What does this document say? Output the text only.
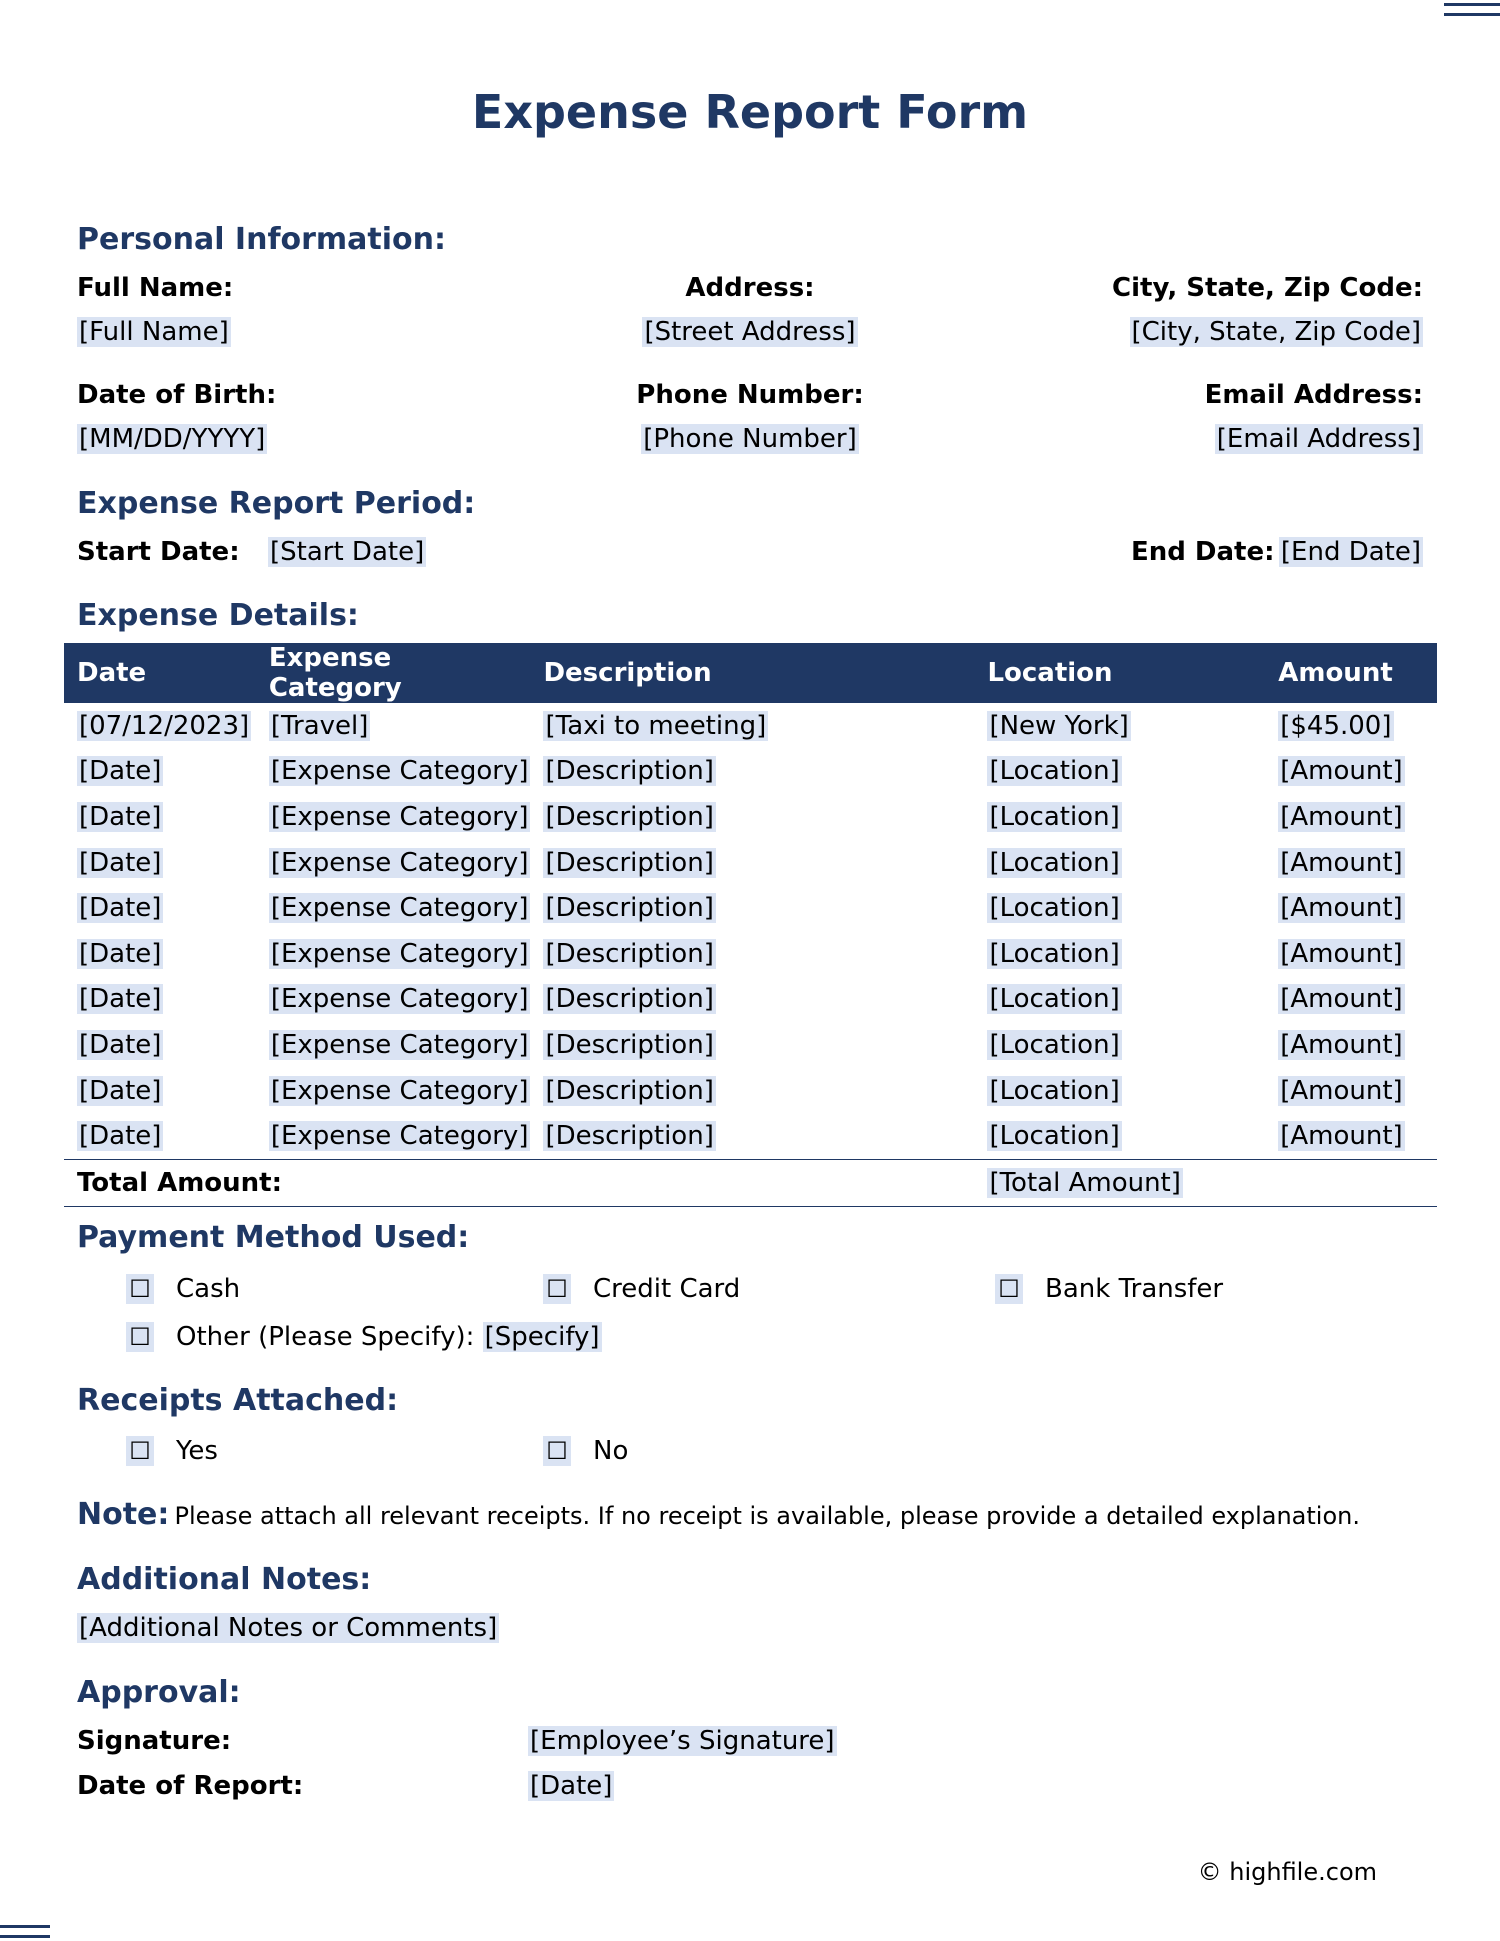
Expense Report Form
Personal Information:
Full Name:
[Full Name]
Address:
[Street Address]
City, State, Zip Code:
[City, State, Zip Code]
Date of Birth:
[MM/DD/YYYY]
Phone Number:
[Phone Number]
Email Address:
[Email Address]
Expense Report Period:
Start Date: [Start Date]	End Date: [End Date]
Expense Details:
Date	Expense Category	Description	Location	Amount
[07/12/2023]	[Travel]	[Taxi to meeting]	[New York]	[$45.00]
[Date]	[Expense Category]	[Description]	[Location]	[Amount]
[Date]	[Expense Category]	[Description]	[Location]	[Amount]
[Date]	[Expense Category]	[Description]	[Location]	[Amount]
[Date]	[Expense Category]	[Description]	[Location]	[Amount]
[Date]	[Expense Category]	[Description]	[Location]	[Amount]
[Date]	[Expense Category]	[Description]	[Location]	[Amount]
[Date]	[Expense Category]	[Description]	[Location]	[Amount]
[Date]	[Expense Category]	[Description]	[Location]	[Amount]
[Date]	[Expense Category]	[Description]	[Location]	[Amount]
Total Amount:			[Total Amount]	
Payment Method Used:
☐ Cash	☐ Credit Card	☐ Bank Transfer
☐ Other (Please Specify): [Specify]
Receipts Attached:
☐ Yes	☐ No
Note: Please attach all relevant receipts. If no receipt is available, please provide a detailed explanation.
Additional Notes:
[Additional Notes or Comments]
Approval:
Signature:	[Employee’s Signature]
Date of Report:	[Date]
© highfile.com
